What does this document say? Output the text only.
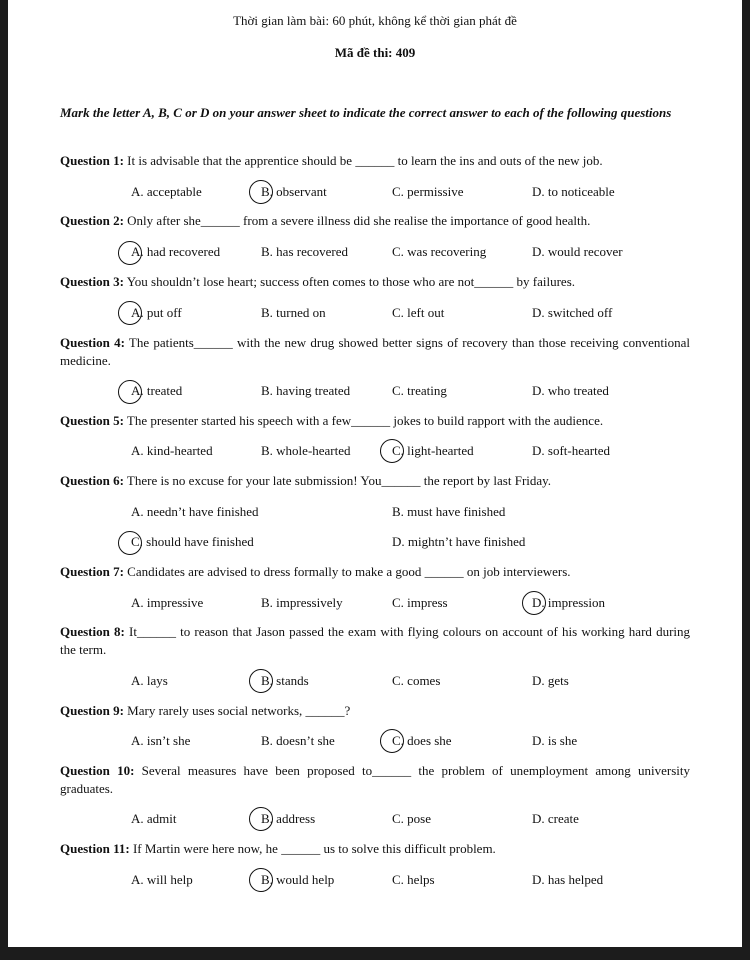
Thời gian làm bài: 60 phút, không kể thời gian phát đề
Mã đề thi: 409
Mark the letter A, B, C or D on your answer sheet to indicate the correct answer to each of the following questions
Question 1: It is advisable that the apprentice should be ______ to learn the ins and outs of the new job.
A. acceptable	B. observant	C. permissive	D. to noticeable
Question 2: Only after she______ from a severe illness did she realise the importance of good health.
A. had recovered	B. has recovered	C. was recovering	D. would recover
Question 3: You shouldn’t lose heart; success often comes to those who are not______ by failures.
A. put off	B. turned on	C. left out	D. switched off
Question 4: The patients______ with the new drug showed better signs of recovery than those receiving conventional medicine.
A. treated	B. having treated	C. treating	D. who treated
Question 5: The presenter started his speech with a few______ jokes to build rapport with the audience.
A. kind-hearted	B. whole-hearted	C. light-hearted	D. soft-hearted
Question 6: There is no excuse for your late submission! You______ the report by last Friday.
A. needn’t have finished	B. must have finished
C. should have finished	D. mightn’t have finished
Question 7: Candidates are advised to dress formally to make a good ______ on job interviewers.
A. impressive	B. impressively	C. impress	D. impression
Question 8: It______ to reason that Jason passed the exam with flying colours on account of his working hard during the term.
A. lays	B. stands	C. comes	D. gets
Question 9: Mary rarely uses social networks, ______?
A. isn’t she	B. doesn’t she	C. does she	D. is she
Question 10: Several measures have been proposed to______ the problem of unemployment among university graduates.
A. admit	B. address	C. pose	D. create
Question 11: If Martin were here now, he ______ us to solve this difficult problem.
A. will help	B. would help	C. helps	D. has helped
